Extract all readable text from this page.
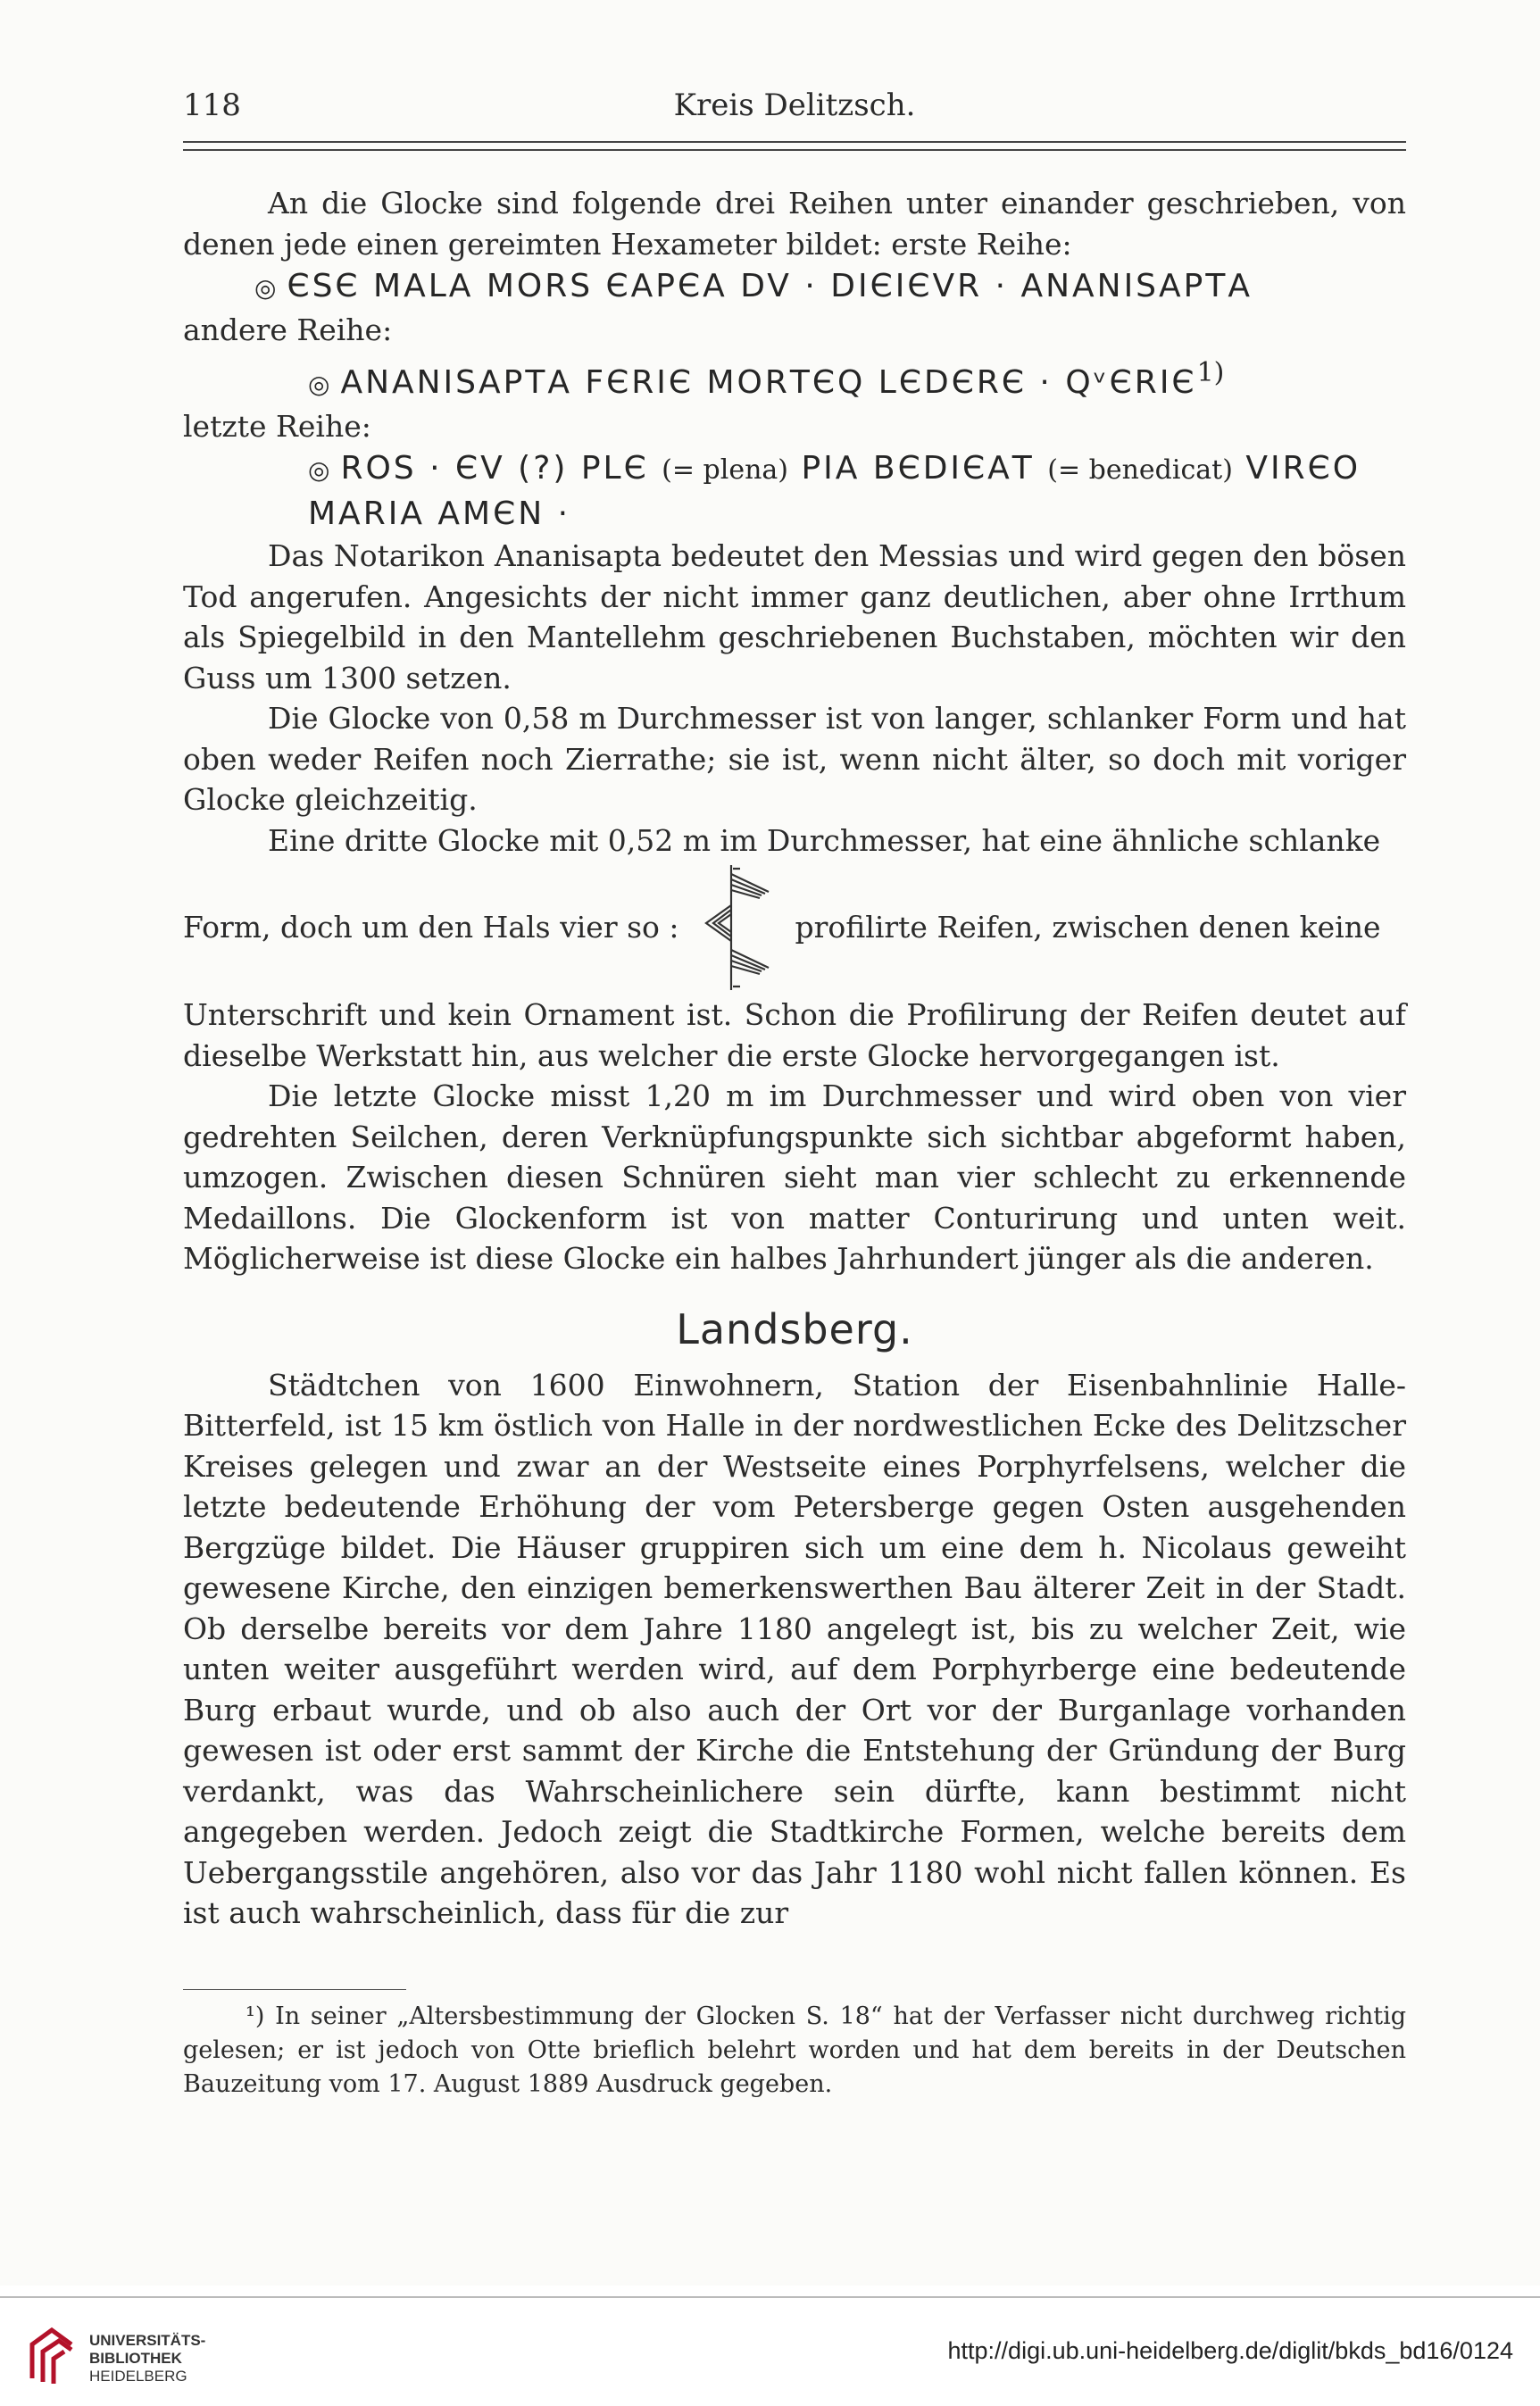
Kreis Delitzsch.
118

An die Glocke sind folgende drei Reihen unter einander geschrieben, von denen jede einen gereimten Hexameter bildet: erste Reihe:

◎ ЄSЄ ΜΑLΑ ΜΟRS ЄΑΡЄΑ DV · DIЄIЄVR · ΑΝΑΝΙSΑΡΤΑ

andere Reihe:

◎ ΑΝΑΝΙSΑΡΤΑ FЄRIЄ ΜΟRΤЄQ LЄDЄRЄ · QᵛЄRIЄ$^{1)}$

letzte Reihe:

◎ ROS · ЄV (?) PLЄ (= plena) PIΑ BЄDIЄΑΤ (= benedicat) VIRЄO
ΜΑRΙΑ ΑΜЄΝ ·

Das Notarikon Ananisapta bedeutet den Messias und wird gegen den bösen Tod angerufen. Angesichts der nicht immer ganz deutlichen, aber ohne Irrthum als Spiegelbild in den Mantellehm geschriebenen Buchstaben, möchten wir den Guss um 1300 setzen.

Die Glocke von 0,58 m Durchmesser ist von langer, schlanker Form und hat oben weder Reifen noch Zierrathe; sie ist, wenn nicht älter, so doch mit voriger Glocke gleichzeitig.

Eine dritte Glocke mit 0,52 m im Durchmesser, hat eine ähnliche schlanke

Form, doch um den Hals vier so :	profilirte Reifen, zwischen denen keine

Unterschrift und kein Ornament ist. Schon die Profilirung der Reifen deutet auf dieselbe Werkstatt hin, aus welcher die erste Glocke hervorgegangen ist.

Die letzte Glocke misst 1,20 m im Durchmesser und wird oben von vier gedrehten Seilchen, deren Verknüpfungspunkte sich sichtbar abgeformt haben, umzogen. Zwischen diesen Schnüren sieht man vier schlecht zu erkennende Medaillons. Die Glockenform ist von matter Conturirung und unten weit. Möglicherweise ist diese Glocke ein halbes Jahrhundert jünger als die anderen.

Landsberg.

Städtchen von 1600 Einwohnern, Station der Eisenbahnlinie Halle-Bitterfeld, ist 15 km östlich von Halle in der nordwestlichen Ecke des Delitzscher Kreises gelegen und zwar an der Westseite eines Porphyrfelsens, welcher die letzte bedeutende Erhöhung der vom Petersberge gegen Osten ausgehenden Bergzüge bildet. Die Häuser gruppiren sich um eine dem h. Nicolaus geweiht gewesene Kirche, den einzigen bemerkenswerthen Bau älterer Zeit in der Stadt. Ob derselbe bereits vor dem Jahre 1180 angelegt ist, bis zu welcher Zeit, wie unten weiter ausgeführt werden wird, auf dem Porphyrberge eine bedeutende Burg erbaut wurde, und ob also auch der Ort vor der Burganlage vorhanden gewesen ist oder erst sammt der Kirche die Entstehung der Gründung der Burg verdankt, was das Wahrscheinlichere sein dürfte, kann bestimmt nicht angegeben werden. Jedoch zeigt die Stadtkirche Formen, welche bereits dem Uebergangsstile angehören, also vor das Jahr 1180 wohl nicht fallen können. Es ist auch wahrscheinlich, dass für die zur

¹) In seiner „Altersbestimmung der Glocken S. 18“ hat der Verfasser nicht durchweg richtig gelesen; er ist jedoch von Otte brieflich belehrt worden und hat dem bereits in der Deutschen Bauzeitung vom 17. August 1889 Ausdruck gegeben.

UNIVERSITÄTS-
BIBLIOTHEK
HEIDELBERG
http://digi.ub.uni-heidelberg.de/diglit/bkds_bd16/0124
